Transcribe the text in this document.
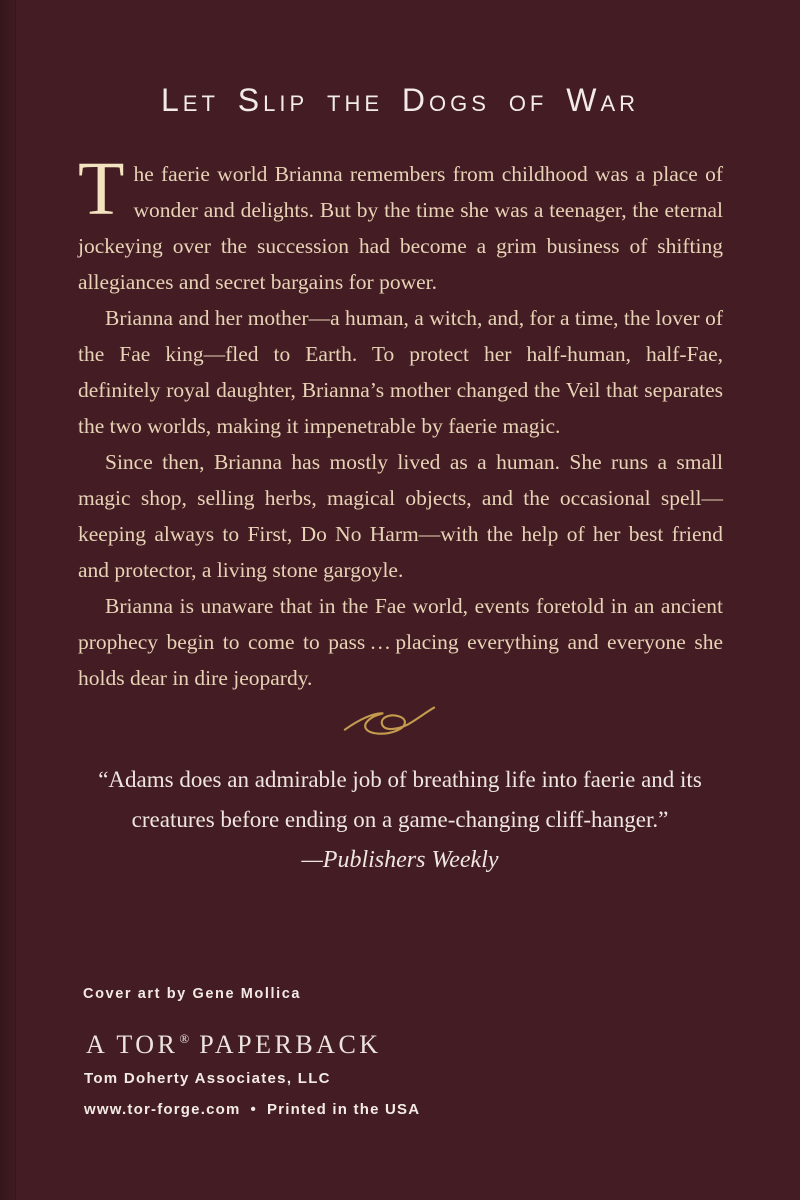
Let Slip the Dogs of War

The faerie world Brianna remembers from childhood was a place of wonder and delights. But by the time she was a teenager, the eternal jockeying over the succession had become a grim business of shifting allegiances and secret bargains for power.

Brianna and her mother—a human, a witch, and, for a time, the lover of the Fae king—fled to Earth. To protect her half-human, half-Fae, definitely royal daughter, Brianna’s mother changed the Veil that separates the two worlds, making it impenetrable by faerie magic.

Since then, Brianna has mostly lived as a human. She runs a small magic shop, selling herbs, magical objects, and the occasional spell—keeping always to First, Do No Harm—with the help of her best friend and protector, a living stone gargoyle.

Brianna is unaware that in the Fae world, events foretold in an ancient prophecy begin to come to pass … placing everything and everyone she holds dear in dire jeopardy.

“Adams does an admirable job of breathing life into faerie and its creatures before ending on a game-changing cliff-hanger.”
—Publishers Weekly
Cover art by Gene Mollica
A TOR® PAPERBACK
Tom Doherty Associates, LLC
www.tor-forge.com • Printed in the USA
